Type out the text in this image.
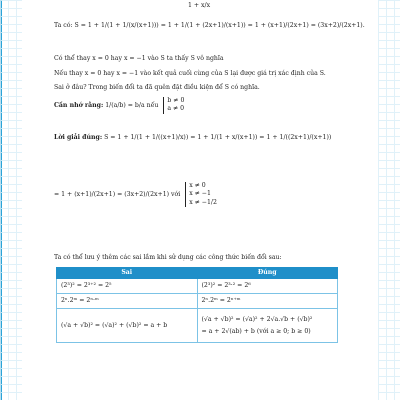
1 + x/x
Ta có: S = 1 + 1/(1 + 1/(x/(x+1))) = 1 + 1/(1 + (2x+1)/(x+1)) = 1 + (x+1)/(2x+1) = (3x+2)/(2x+1).
Có thể thay x = 0 hay x = −1 vào S ta thấy S vô nghĩa
Nếu thay x = 0 hay x = −1 vào kết quả cuối cùng của S lại được giá trị xác định của S.
Sai ở đâu? Trong biến đổi ta đã quên đặt điều kiện để S có nghĩa.
Cần nhớ rằng: 1/(a/b) = b/a nếu
b ≠ 0
a ≠ 0
Lời giải đúng: S = 1 + 1/(1 + 1/((x+1)/x)) = 1 + 1/(1 + x/(x+1)) = 1 + 1/((2x+1)/(x+1))
= 1 + (x+1)/(2x+1) = (3x+2)/(2x+1) với
x ≠ 0
x ≠ −1
x ≠ −1/2
Ta có thể lưu ý thêm các sai lầm khi sử dụng các công thức biến đổi sau:
Sai	Đúng
(2³)² = 2³⁺² = 2⁵	(2³)² = 2³·² = 2⁶
2ⁿ.2ᵐ = 2ⁿ·ᵐ	2ⁿ.2ᵐ = 2ⁿ⁺ᵐ
(√a + √b)² = (√a)² + (√b)² = a + b	(√a + √b)² = (√a)² + 2√a.√b + (√b)²
= a + 2√(ab) + b (với a ≥ 0; b ≥ 0)
